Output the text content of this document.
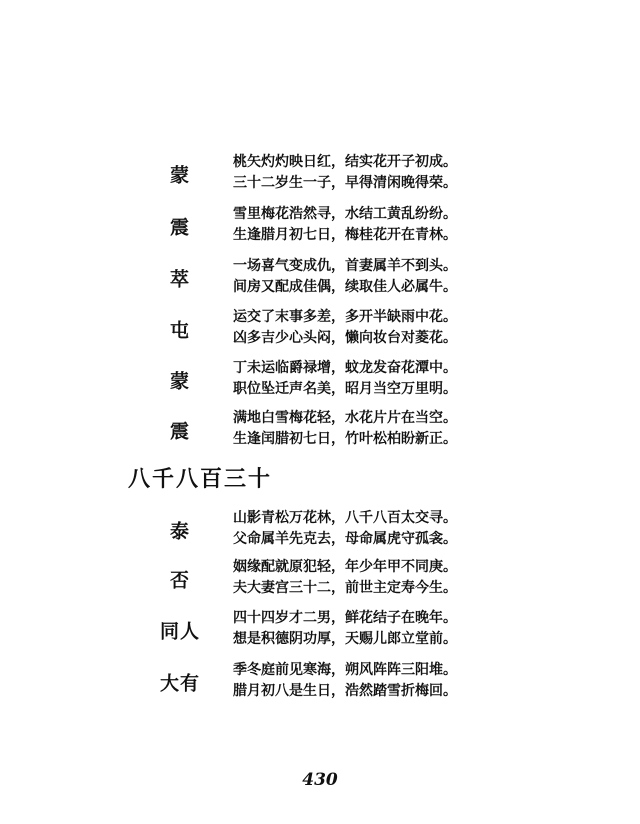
蒙
桃矢灼灼映日红，结实花开子初成。
三十二岁生一子，早得清闲晚得荣。
震
雪里梅花浩然寻，水结工黄乱纷纷。
生逢腊月初七日，梅桂花开在青林。
萃
一场喜气变成仇，首妻属羊不到头。
间房又配成佳偶，续取佳人必属牛。
屯
运交了末事多差，多开半缺雨中花。
凶多吉少心头闷，懒向妆台对菱花。
蒙
丁未运临爵禄增，蚊龙发奋花潭中。
职位坠迁声名美，昭月当空万里明。
震
满地白雪梅花轻，水花片片在当空。
生逢闰腊初七日，竹叶松柏盼新正。
八千八百三十
泰
山影青松万花林，八千八百太交寻。
父命属羊先克去，母命属虎守孤衾。
否
姻缘配就原犯轻，年少年甲不同庚。
夫大妻宫三十二，前世主定寿今生。
同人
四十四岁才二男，鲜花结子在晚年。
想是积德阴功厚，天赐儿郎立堂前。
大有
季冬庭前见寒海，朔风阵阵三阳堆。
腊月初八是生日，浩然踏雪折梅回。
430
